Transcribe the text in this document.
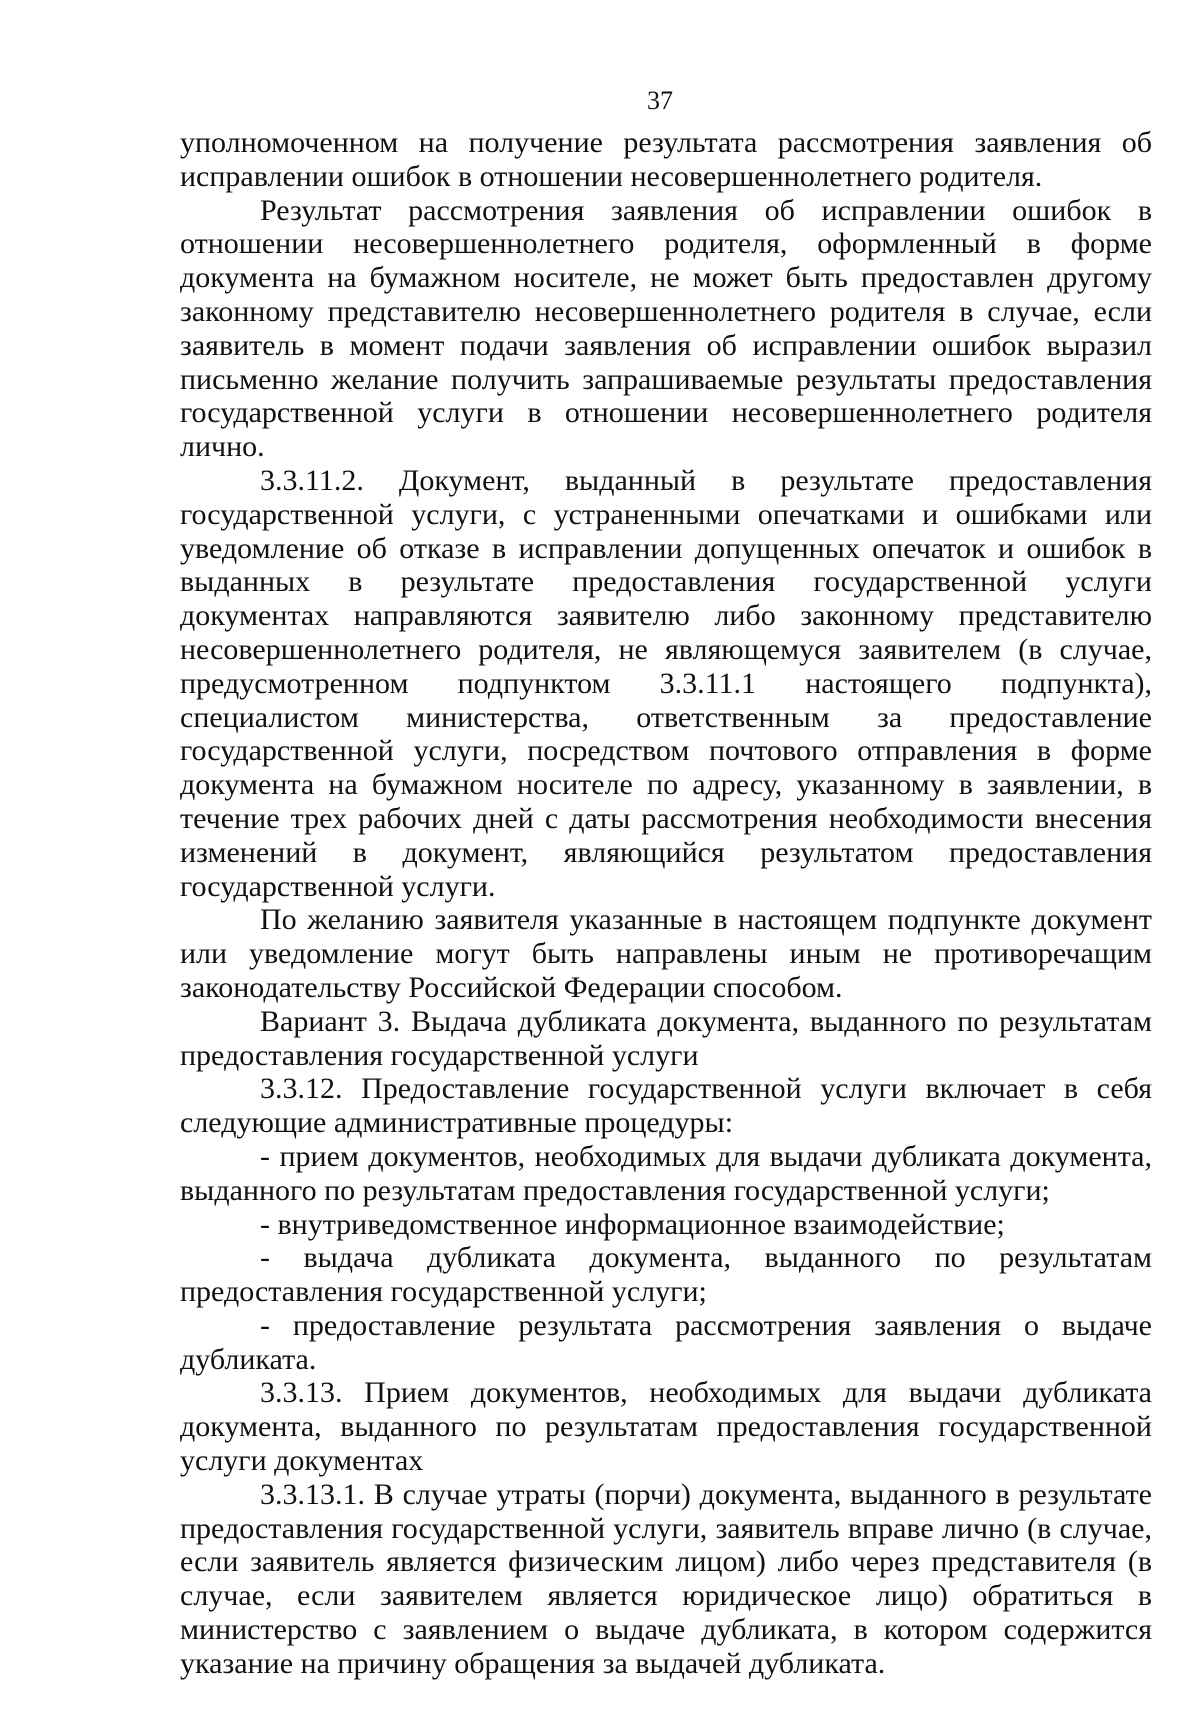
37

уполномоченном на получение результата рассмотрения заявления об исправлении ошибок в отношении несовершеннолетнего родителя.

Результат рассмотрения заявления об исправлении ошибок в отношении несовершеннолетнего родителя, оформленный в форме документа на бумажном носителе, не может быть предоставлен другому законному представителю несовершеннолетнего родителя в случае, если заявитель в момент подачи заявления об исправлении ошибок выразил письменно желание получить запрашиваемые результаты предоставления государственной услуги в отношении несовершеннолетнего родителя лично.

3.3.11.2. Документ, выданный в результате предоставления государственной услуги, с устраненными опечатками и ошибками или уведомление об отказе в исправлении допущенных опечаток и ошибок в выданных в результате предоставления государственной услуги документах направляются заявителю либо законному представителю несовершеннолетнего родителя, не являющемуся заявителем (в случае, предусмотренном подпунктом 3.3.11.1 настоящего подпункта), специалистом министерства, ответственным за предоставление государственной услуги, посредством почтового отправления в форме документа на бумажном носителе по адресу, указанному в заявлении, в течение трех рабочих дней с даты рассмотрения необходимости внесения изменений в документ, являющийся результатом предоставления государственной услуги.

По желанию заявителя указанные в настоящем подпункте документ или уведомление могут быть направлены иным не противоречащим законодательству Российской Федерации способом.

Вариант 3. Выдача дубликата документа, выданного по результатам предоставления государственной услуги

3.3.12. Предоставление государственной услуги включает в себя следующие административные процедуры:

- прием документов, необходимых для выдачи дубликата документа, выданного по результатам предоставления государственной услуги;

- внутриведомственное информационное взаимодействие;

- выдача дубликата документа, выданного по результатам предоставления государственной услуги;

- предоставление результата рассмотрения заявления о выдаче дубликата.

3.3.13. Прием документов, необходимых для выдачи дубликата документа, выданного по результатам предоставления государственной услуги документах

3.3.13.1. В случае утраты (порчи) документа, выданного в результате предоставления государственной услуги, заявитель вправе лично (в случае, если заявитель является физическим лицом) либо через представителя (в случае, если заявителем является юридическое лицо) обратиться в министерство с заявлением о выдаче дубликата, в котором содержится указание на причину обращения за выдачей дубликата.
